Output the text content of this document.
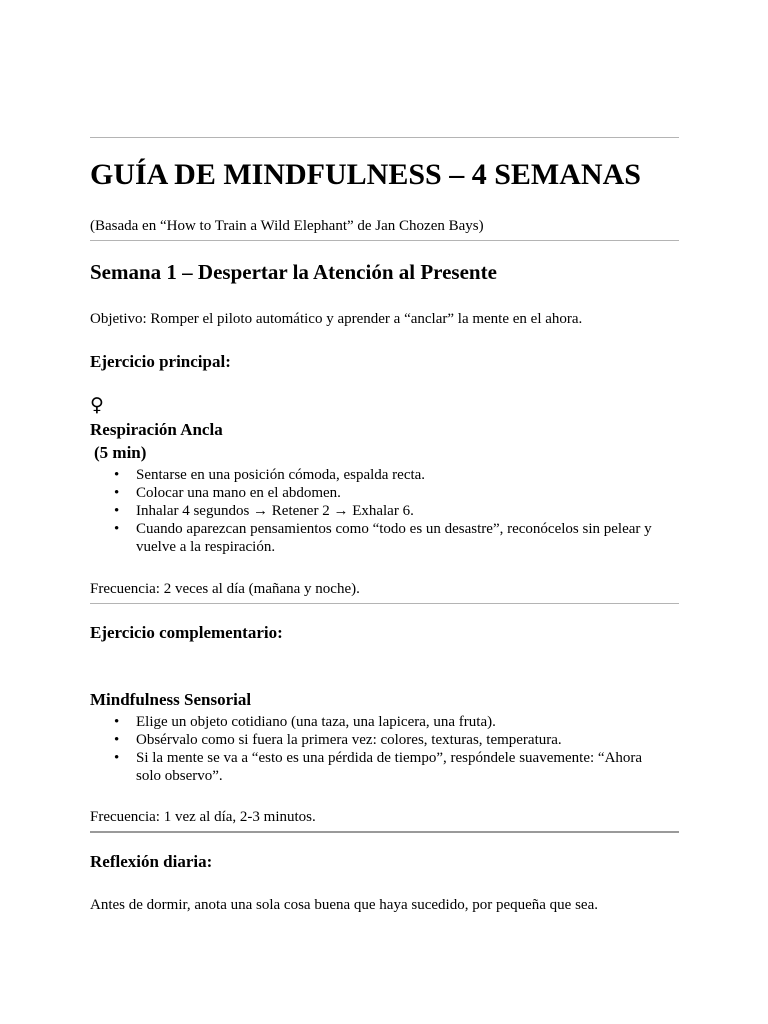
GUÍA DE MINDFULNESS – 4 SEMANAS

(Basada en “How to Train a Wild Elephant” de Jan Chozen Bays)

Semana 1 – Despertar la Atención al Presente

Objetivo: Romper el piloto automático y aprender a “anclar” la mente en el ahora.

Ejercicio principal:
♀
Respiración Ancla
(5 min)
• Sentarse en una posición cómoda, espalda recta.
• Colocar una mano en el abdomen.
• Inhalar 4 segundos → Retener 2 → Exhalar 6.
• Cuando aparezcan pensamientos como “todo es un desastre”, reconócelos sin pelear y vuelve a la respiración.

Frecuencia: 2 veces al día (mañana y noche).

Ejercicio complementario:
Mindfulness Sensorial
• Elige un objeto cotidiano (una taza, una lapicera, una fruta).
• Obsérvalo como si fuera la primera vez: colores, texturas, temperatura.
• Si la mente se va a “esto es una pérdida de tiempo”, respóndele suavemente: “Ahora solo observo”.

Frecuencia: 1 vez al día, 2-3 minutos.

Reflexión diaria:

Antes de dormir, anota una sola cosa buena que haya sucedido, por pequeña que sea.
